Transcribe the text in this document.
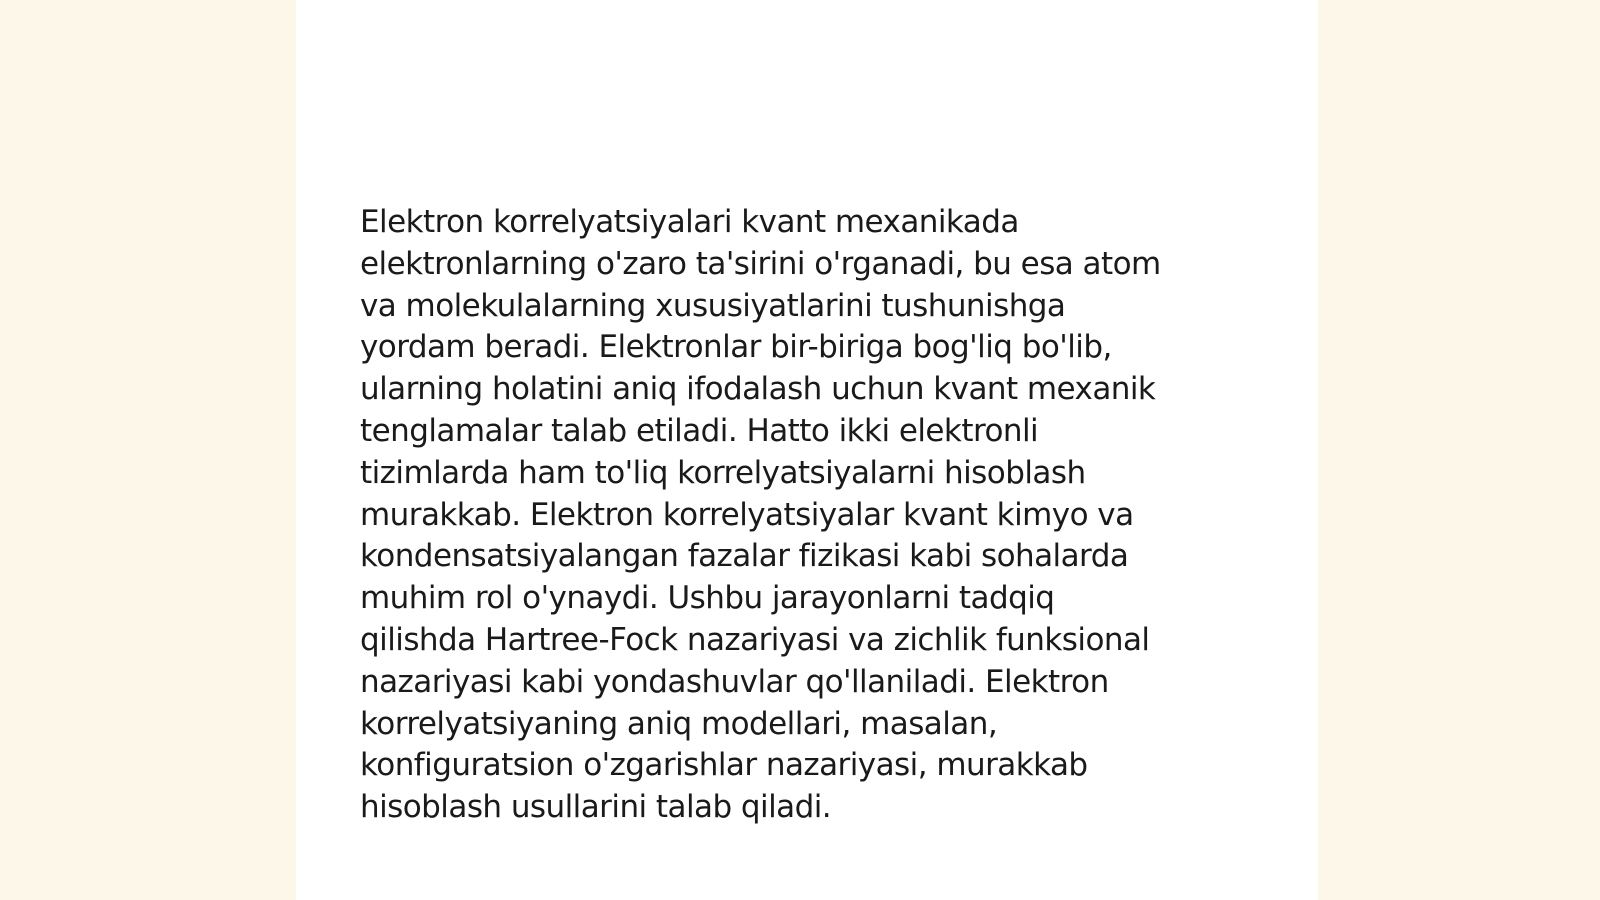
Elektron korrelyatsiyalari kvant mexanikada
elektronlarning o'zaro ta'sirini o'rganadi, bu esa atom
va molekulalarning xususiyatlarini tushunishga
yordam beradi. Elektronlar bir-biriga bog'liq bo'lib,
ularning holatini aniq ifodalash uchun kvant mexanik
tenglamalar talab etiladi. Hatto ikki elektronli
tizimlarda ham to'liq korrelyatsiyalarni hisoblash
murakkab. Elektron korrelyatsiyalar kvant kimyo va
kondensatsiyalangan fazalar fizikasi kabi sohalarda
muhim rol o'ynaydi. Ushbu jarayonlarni tadqiq
qilishda Hartree-Fock nazariyasi va zichlik funksional
nazariyasi kabi yondashuvlar qo'llaniladi. Elektron
korrelyatsiyaning aniq modellari, masalan,
konfiguratsion o'zgarishlar nazariyasi, murakkab
hisoblash usullarini talab qiladi.
